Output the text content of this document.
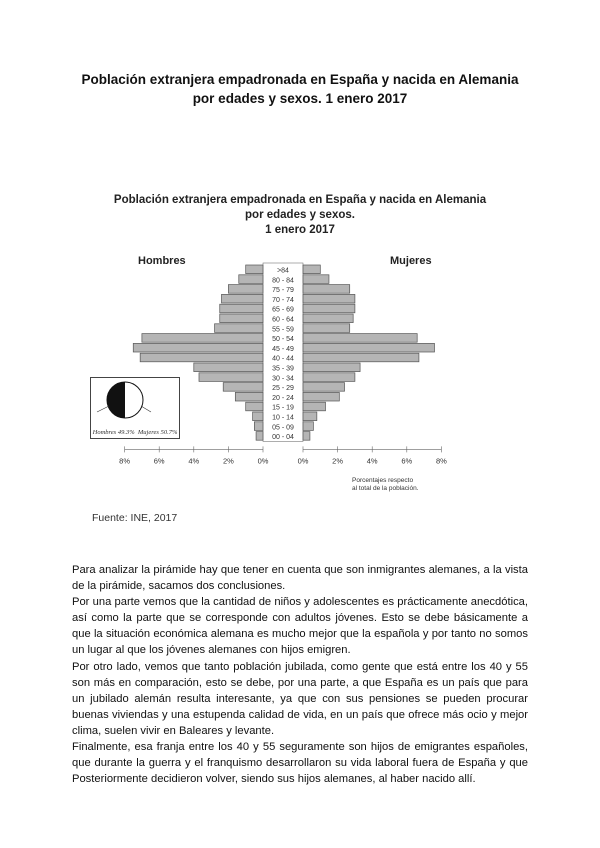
Población extranjera empadronada en España y nacida en Alemania
por edades y sexos. 1 enero 2017
Población extranjera empadronada en España y nacida en Alemania
por edades y sexos.
1 enero 2017
Hombres	Mujeres
>84
80 - 84
75 - 79
70 - 74
65 - 69
60 - 64
55 - 59
50 - 54
45 - 49
40 - 44
35 - 39
30 - 34
25 - 29
20 - 24
15 - 19
10 - 14
05 - 09
00 - 04
8%	6%	4%	2%	0%	0%	2%	4%	6%	8%
Hombres 49.3% Mujeres 50.7%
Porcentajes respecto
al total de la población.
Fuente: INE, 2017

Para analizar la pirámide hay que tener en cuenta que son inmigrantes alemanes, a la vista de la pirámide, sacamos dos conclusiones.

Por una parte vemos que la cantidad de niños y adolescentes es prácticamente anecdótica, así como la parte que se corresponde con adultos jóvenes. Esto se debe básicamente a que la situación económica alemana es mucho mejor que la española y por tanto no somos un lugar al que los jóvenes alemanes con hijos emigren.

Por otro lado, vemos que tanto población jubilada, como gente que está entre los 40 y 55 son más en comparación, esto se debe, por una parte, a que España es un país que para un jubilado alemán resulta interesante, ya que con sus pensiones se pueden procurar buenas viviendas y una estupenda calidad de vida, en un país que ofrece más ocio y mejor clima, suelen vivir en Baleares y levante.

Finalmente, esa franja entre los 40 y 55 seguramente son hijos de emigrantes españoles, que durante la guerra y el franquismo desarrollaron su vida laboral fuera de España y que Posteriormente decidieron volver, siendo sus hijos alemanes, al haber nacido allí.
